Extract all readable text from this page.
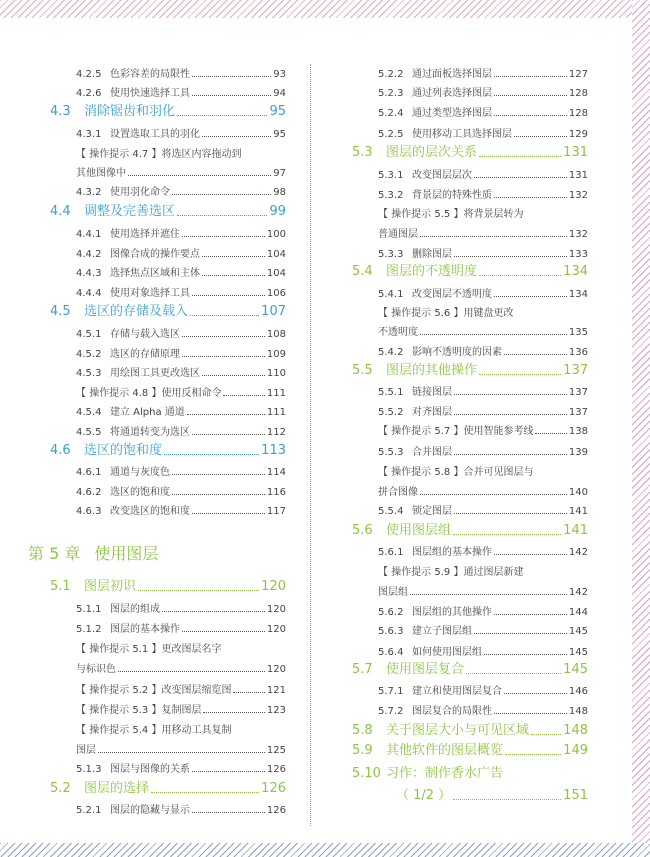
4.2.5 色彩容差的局限性	93
4.2.6 使用快速选择工具	94
4.3	消除锯齿和羽化	95
4.3.1 设置选取工具的羽化	95
【 操作提示 4.7 】将选区内容拖动到
其他图像中	97
4.3.2 使用羽化命令	98
4.4	调整及完善选区	99
4.4.1 使用选择并遮住	100
4.4.2 图像合成的操作要点	104
4.4.3 选择焦点区域和主体	104
4.4.4 使用对象选择工具	106
4.5	选区的存储及载入	107
4.5.1 存储与载入选区	108
4.5.2 选区的存储原理	109
4.5.3 用绘图工具更改选区	110
【 操作提示 4.8 】使用反相命令	111
4.5.4 建立 Alpha 通道	111
4.5.5 将通道转变为选区	112
4.6	选区的饱和度	113
4.6.1 通道与灰度色	114
4.6.2 选区的饱和度	116
4.6.3 改变选区的饱和度	117
第 5 章 使用图层
5.1	图层初识	120
5.1.1 图层的组成	120
5.1.2 图层的基本操作	120
【 操作提示 5.1 】更改图层名字
与标识色	120
【 操作提示 5.2 】改变图层缩览图	121
【 操作提示 5.3 】复制图层	123
【 操作提示 5.4 】用移动工具复制
图层	125
5.1.3 图层与图像的关系	126
5.2	图层的选择	126
5.2.1 图层的隐藏与显示	126
5.2.2 通过面板选择图层	127
5.2.3 通过列表选择图层	128
5.2.4 通过类型选择图层	128
5.2.5 使用移动工具选择图层	129
5.3	图层的层次关系	131
5.3.1 改变图层层次	131
5.3.2 背景层的特殊性质	132
【 操作提示 5.5 】将背景层转为
普通图层	132
5.3.3 删除图层	133
5.4	图层的不透明度	134
5.4.1 改变图层不透明度	134
【 操作提示 5.6 】用键盘更改
不透明度	135
5.4.2 影响不透明度的因素	136
5.5	图层的其他操作	137
5.5.1 链接图层	137
5.5.2 对齐图层	137
【 操作提示 5.7 】使用智能参考线	138
5.5.3 合并图层	139
【 操作提示 5.8 】合并可见图层与
拼合图像	140
5.5.4 锁定图层	141
5.6	使用图层组	141
5.6.1 图层组的基本操作	142
【 操作提示 5.9 】通过图层新建
图层组	142
5.6.2 图层组的其他操作	144
5.6.3 建立子图层组	145
5.6.4 如何使用图层组	145
5.7	使用图层复合	145
5.7.1 建立和使用图层复合	146
5.7.2 图层复合的局限性	148
5.8	关于图层大小与可见区域	148
5.9	其他软件的图层概览	149
5.10 习作：制作香水广告
（ 1/2 ）	151
